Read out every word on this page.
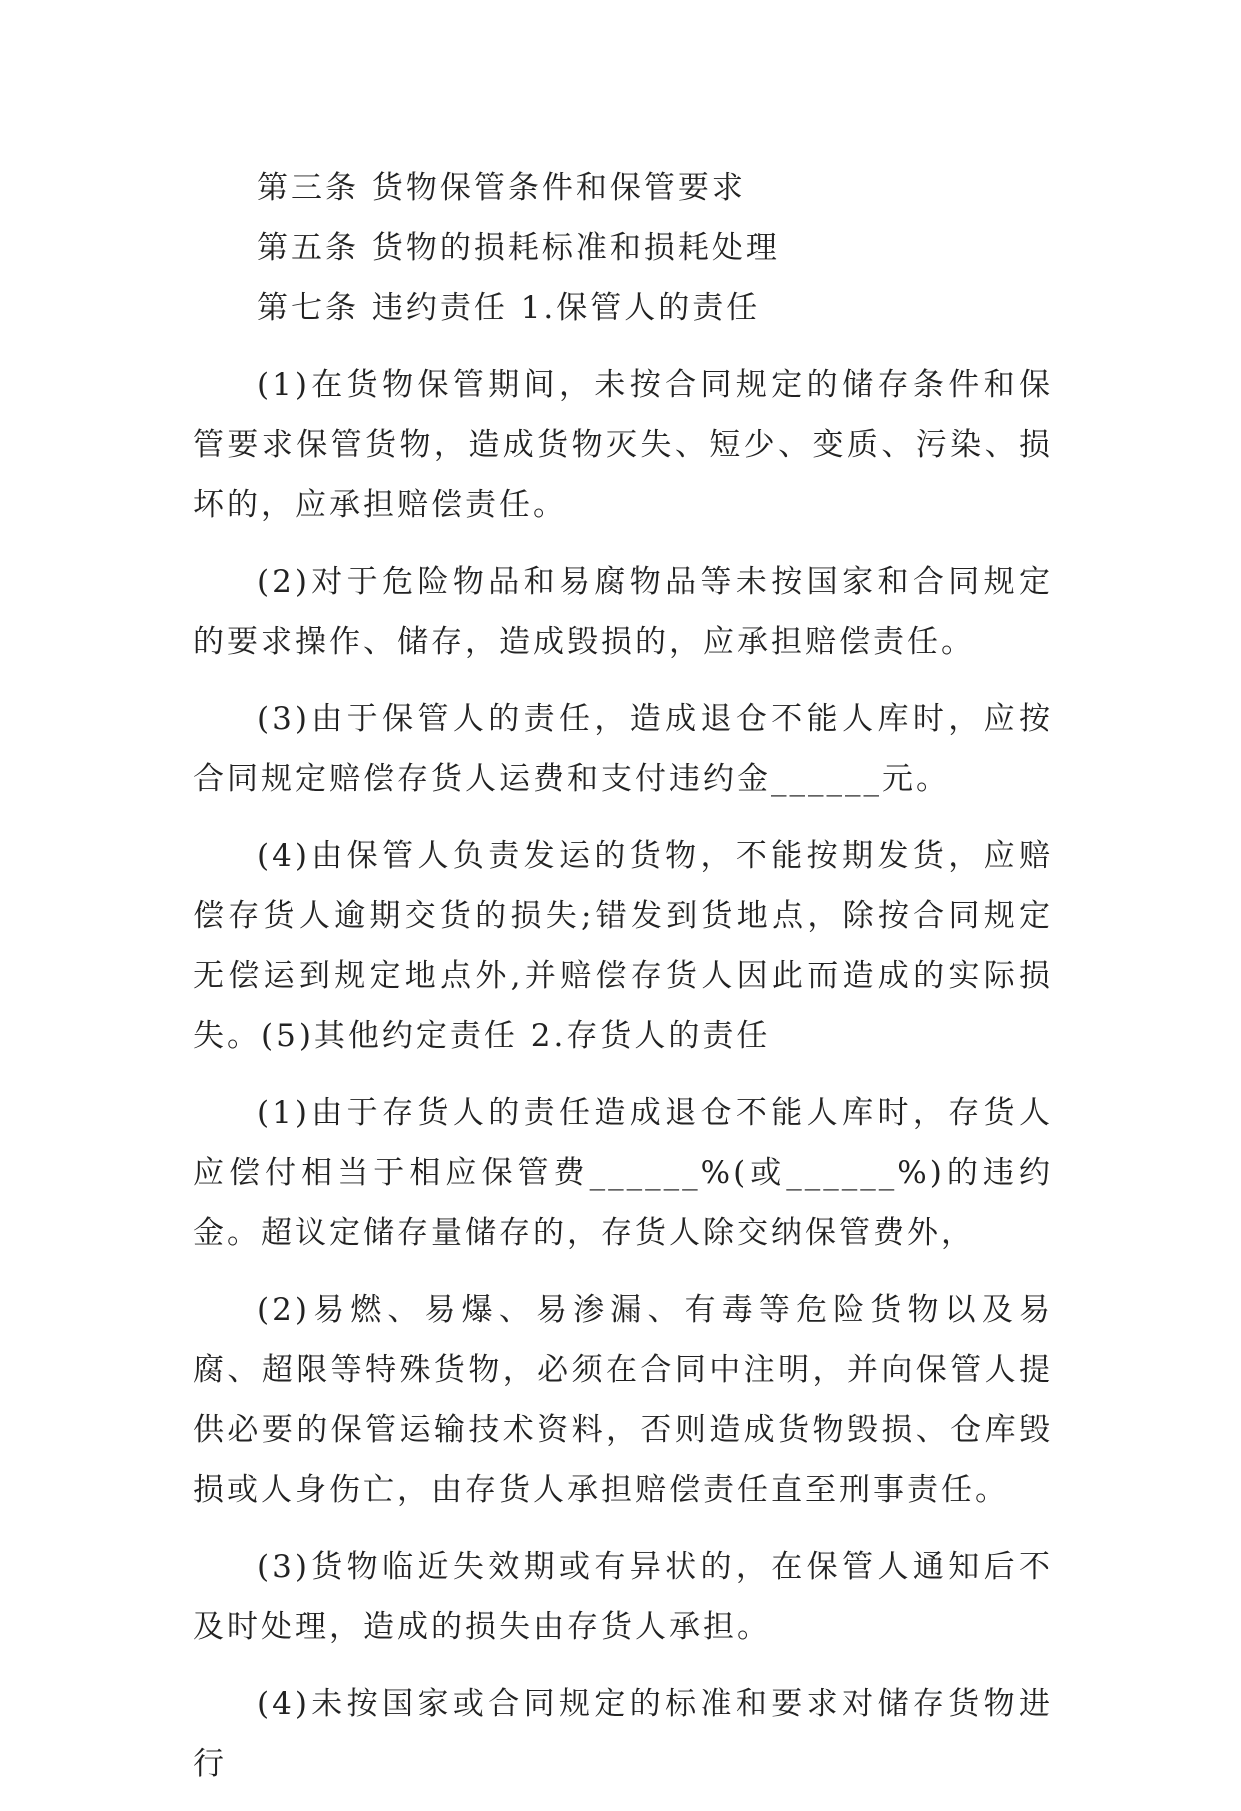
第三条 货物保管条件和保管要求

第五条 货物的损耗标准和损耗处理

第七条 违约责任 1.保管人的责任

(1)在货物保管期间，未按合同规定的储存条件和保管要求保管货物，造成货物灭失、短少、变质、污染、损坏的，应承担赔偿责任。

(2)对于危险物品和易腐物品等未按国家和合同规定的要求操作、储存，造成毁损的，应承担赔偿责任。

(3)由于保管人的责任，造成退仓不能人库时，应按合同规定赔偿存货人运费和支付违约金______元。

(4)由保管人负责发运的货物，不能按期发货，应赔偿存货人逾期交货的损失;错发到货地点，除按合同规定无偿运到规定地点外,并赔偿存货人因此而造成的实际损失。(5)其他约定责任 2.存货人的责任

(1)由于存货人的责任造成退仓不能人库时，存货人应偿付相当于相应保管费______%(或______%)的违约金。超议定储存量储存的，存货人除交纳保管费外，

(2)易燃、易爆、易渗漏、有毒等危险货物以及易腐、超限等特殊货物，必须在合同中注明，并向保管人提供必要的保管运输技术资料，否则造成货物毁损、仓库毁损或人身伤亡，由存货人承担赔偿责任直至刑事责任。

(3)货物临近失效期或有异状的，在保管人通知后不及时处理，造成的损失由存货人承担。

(4)未按国家或合同规定的标准和要求对储存货物进行
